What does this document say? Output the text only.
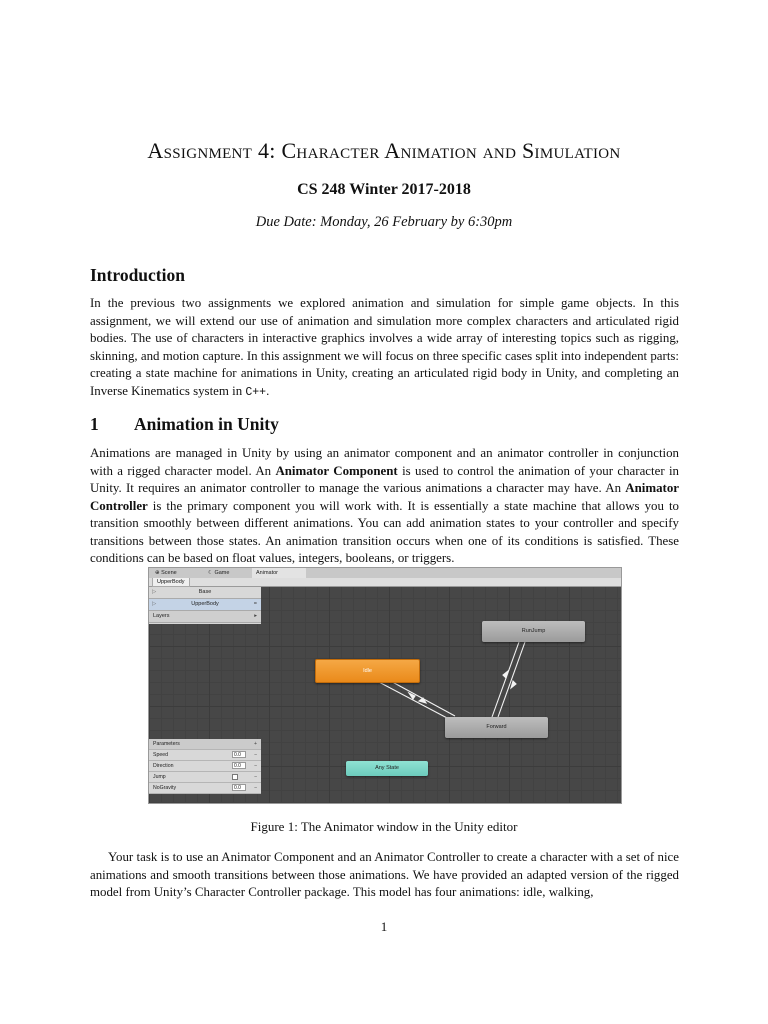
Assignment 4: Character Animation and Simulation
CS 248 Winter 2017-2018
Due Date: Monday, 26 February by 6:30pm
Introduction

In the previous two assignments we explored animation and simulation for simple game objects. In this assignment, we will extend our use of animation and simulation more complex characters and articulated rigid bodies. The use of characters in interactive graphics involves a wide array of interesting topics such as rigging, skinning, and motion capture. In this assignment we will focus on three specific cases split into independent parts: creating a state machine for animations in Unity, creating an articulated rigid body in Unity, and completing an Inverse Kinematics system in C++.

1 Animation in Unity

Animations are managed in Unity by using an animator component and an animator controller in conjunction with a rigged character model. An Animator Component is used to control the animation of your character in Unity. It requires an animator controller to manage the various animations a character may have. An Animator Controller is the primary component you will work with. It is essentially a state machine that allows you to transition smoothly between different animations. You can add animation states to your controller and specify transitions between those states. An animation transition occurs when one of its conditions is satisfied. These conditions can be based on float values, integers, booleans, or triggers.

⊕ Scene	☾ Game	Animator
UpperBody
▷	Base
▷	UpperBody	=
Layers	▸
Parameters	+
Speed	0.0	−
Direction	0.0	−
Jump	−
NoGravity	0.0	−
RunJump
Idle
Forward
Any State
Figure 1: The Animator window in the Unity editor

Your task is to use an Animator Component and an Animator Controller to create a character with a set of nice animations and smooth transitions between those animations. We have provided an adapted version of the rigged model from Unity’s Character Controller package. This model has four animations: idle, walking,

1
